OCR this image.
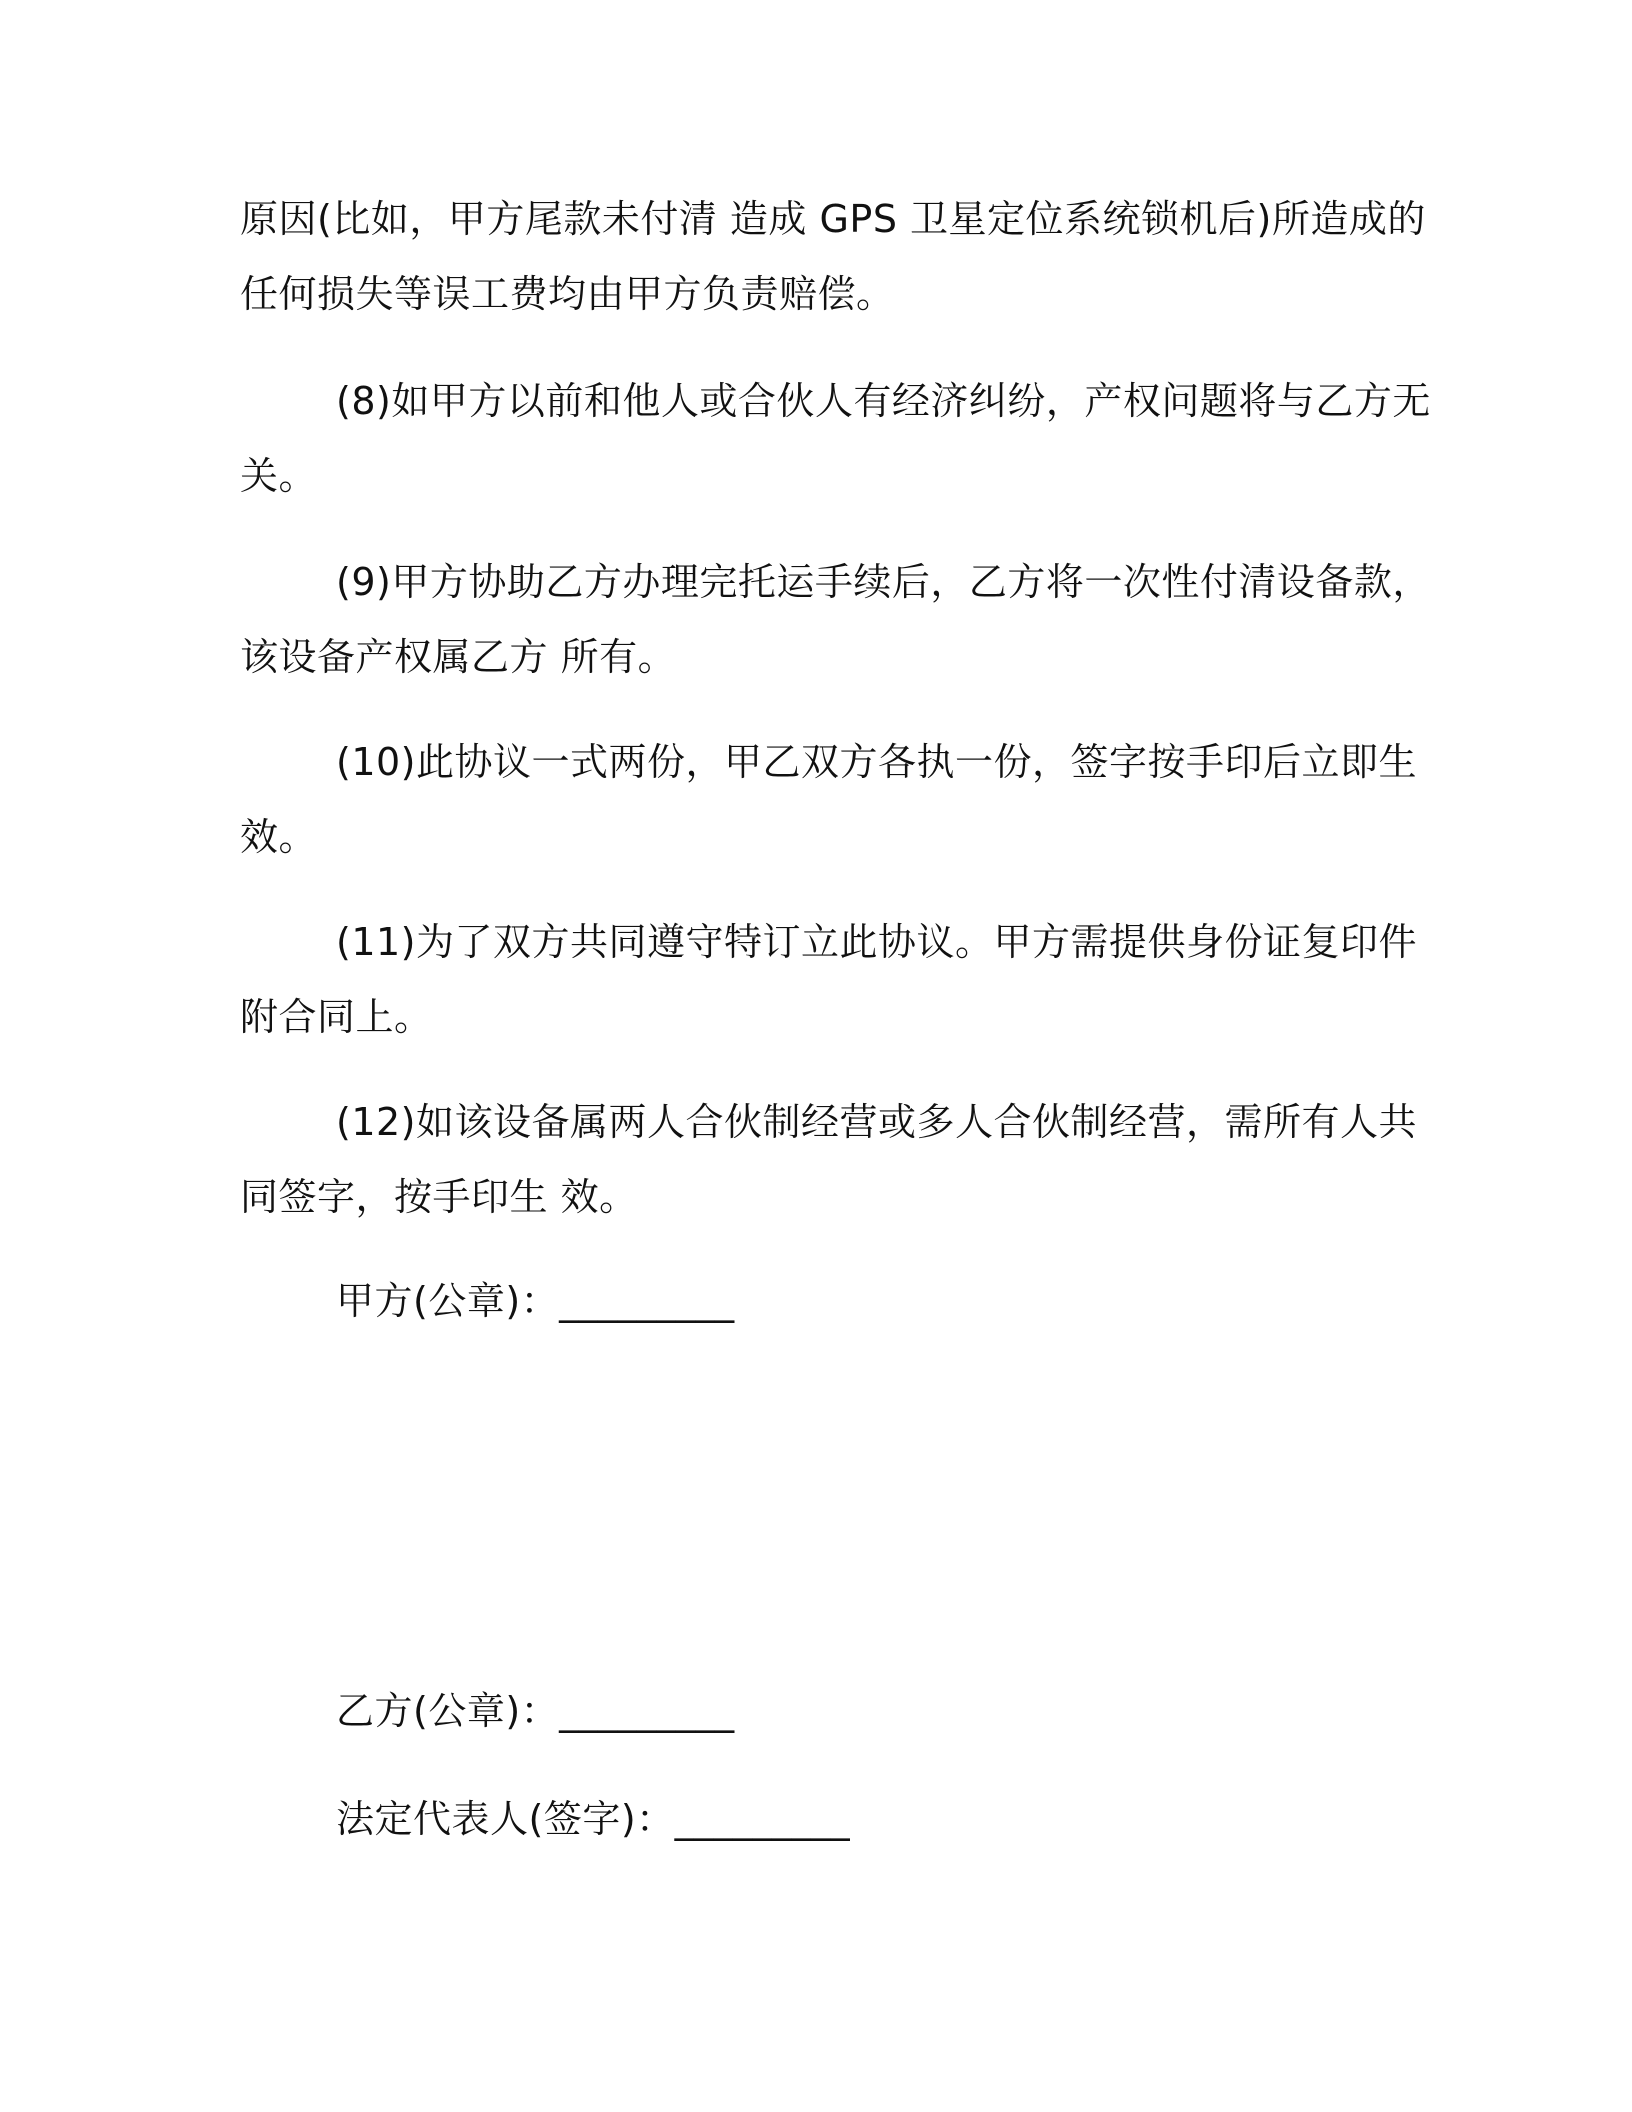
原因(比如，甲方尾款未付清 造成 GPS 卫星定位系统锁机后)所造成的
任何损失等误工费均由甲方负责赔偿。
(8)如甲方以前和他人或合伙人有经济纠纷，产权问题将与乙方无
关。
(9)甲方协助乙方办理完托运手续后，乙方将一次性付清设备款，
该设备产权属乙方 所有。
(10)此协议一式两份，甲乙双方各执一份，签字按手印后立即生
效。
(11)为了双方共同遵守特订立此协议。甲方需提供身份证复印件
附合同上。
(12)如该设备属两人合伙制经营或多人合伙制经营，需所有人共
同签字，按手印生 效。
甲方(公章)：_________
乙方(公章)：_________
法定代表人(签字)：_________
